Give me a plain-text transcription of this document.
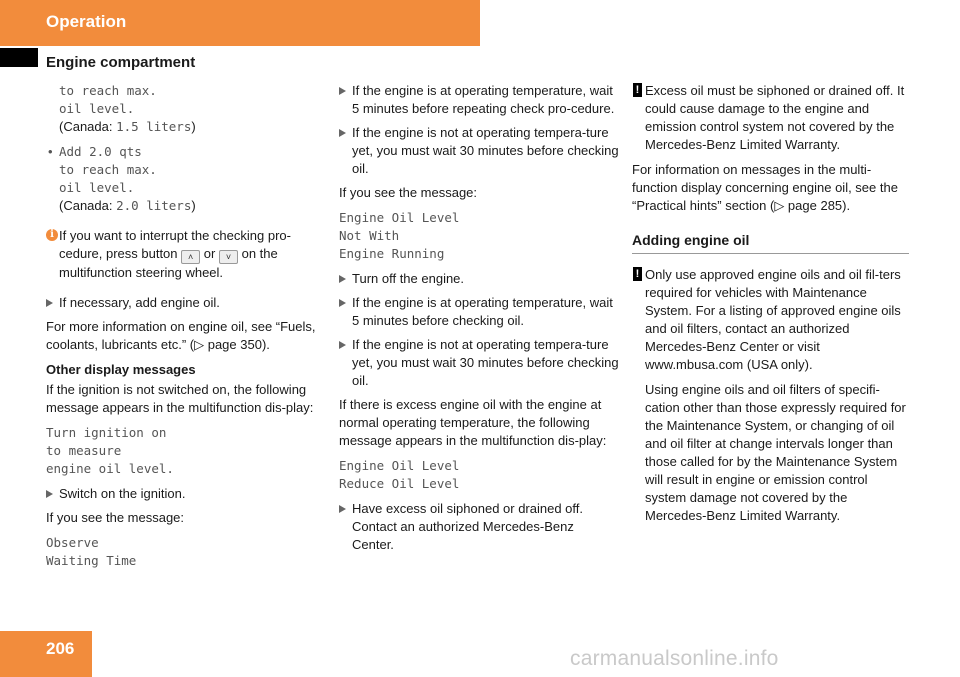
Operation
Engine compartment
to reach max.
oil level.
(Canada: 1.5 liters)
• Add 2.0 qts
to reach max.
oil level.
(Canada: 2.0 liters)
i If you want to interrupt the checking pro-cedure, press button ˄ or ˅ on the multifunction steering wheel.
If necessary, add engine oil.

For more information on engine oil, see “Fuels, coolants, lubricants etc.” (▷ page 350).

Other display messages

If the ignition is not switched on, the following message appears in the multifunction dis-play:

Turn ignition on
to measure
engine oil level.
Switch on the ignition.

If you see the message:

Observe
Waiting Time
If the engine is at operating temperature, wait 5 minutes before repeating check pro-cedure.
If the engine is not at operating tempera-ture yet, you must wait 30 minutes before checking oil.

If you see the message:

Engine Oil Level
Not With
Engine Running
Turn off the engine.
If the engine is at operating temperature, wait 5 minutes before checking oil.
If the engine is not at operating tempera-ture yet, you must wait 30 minutes before checking oil.

If there is excess engine oil with the engine at normal operating temperature, the following message appears in the multifunction dis-play:

Engine Oil Level
Reduce Oil Level
Have excess oil siphoned or drained off. Contact an authorized Mercedes-Benz Center.
! Excess oil must be siphoned or drained off. It could cause damage to the engine and emission control system not covered by the Mercedes-Benz Limited Warranty.

For information on messages in the multi-function display concerning engine oil, see the “Practical hints” section (▷ page 285).

Adding engine oil
! Only use approved engine oils and oil fil-ters required for vehicles with Maintenance System. For a listing of approved engine oils and oil filters, contact an authorized Mercedes-Benz Center or visit www.mbusa.com (USA only).

Using engine oils and oil filters of specifi-cation other than those expressly required for the Maintenance System, or changing of oil and oil filter at change intervals longer than those called for by the Maintenance System will result in engine or emission control system damage not covered by the Mercedes-Benz Limited Warranty.

206	carmanualsonline.info
